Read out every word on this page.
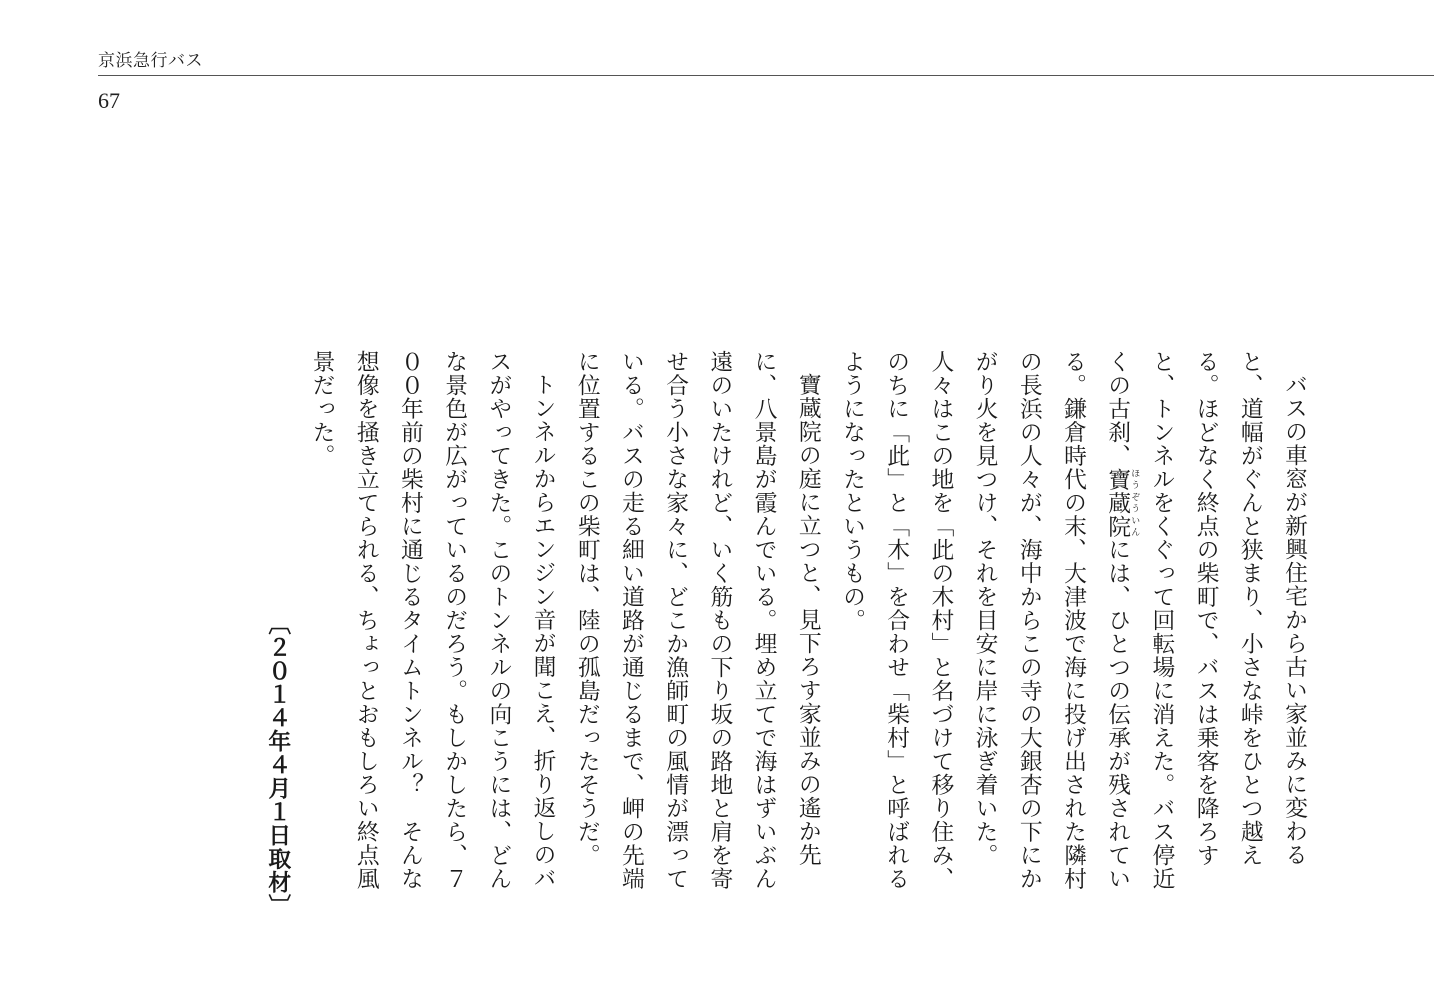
京浜急行バス
67

バスの車窓が新興住宅から古い家並みに変わると、道幅がぐんと狭まり、小さな峠をひとつ越える。ほどなく終点の柴町で、バスは乗客を降ろすと、トンネルをくぐって回転場に消えた。バス停近くの古刹、寶蔵院 ほうぞういんには、ひとつの伝承が残されている。鎌倉時代の末、大津波で海に投げ出された隣村の長浜の人々が、海中からこの寺の大銀杏の下にかがり火を見つけ、それを目安に岸に泳ぎ着いた。人々はこの地を「此の木村」と名づけて移り住み、のちに「此」と「木」を合わせ「柴村」と呼ばれるようになったというもの。

寶蔵院の庭に立つと、見下ろす家並みの遙か先に、八景島が霞んでいる。埋め立てで海はずいぶん遠のいたけれど、いく筋もの下り坂の路地と肩を寄せ合う小さな家々に、どこか漁師町の風情が漂っている。バスの走る細い道路が通じるまで、岬の先端に位置するこの柴町は、陸の孤島だったそうだ。

トンネルからエンジン音が聞こえ、折り返しのバスがやってきた。このトンネルの向こうには、どんな景色が広がっているのだろう。もしかしたら、７００年前の柴村に通じるタイムトンネル？　そんな想像を掻き立てられる、ちょっとおもしろい終点風景だった。

〔２０１４年４月１日取材〕
